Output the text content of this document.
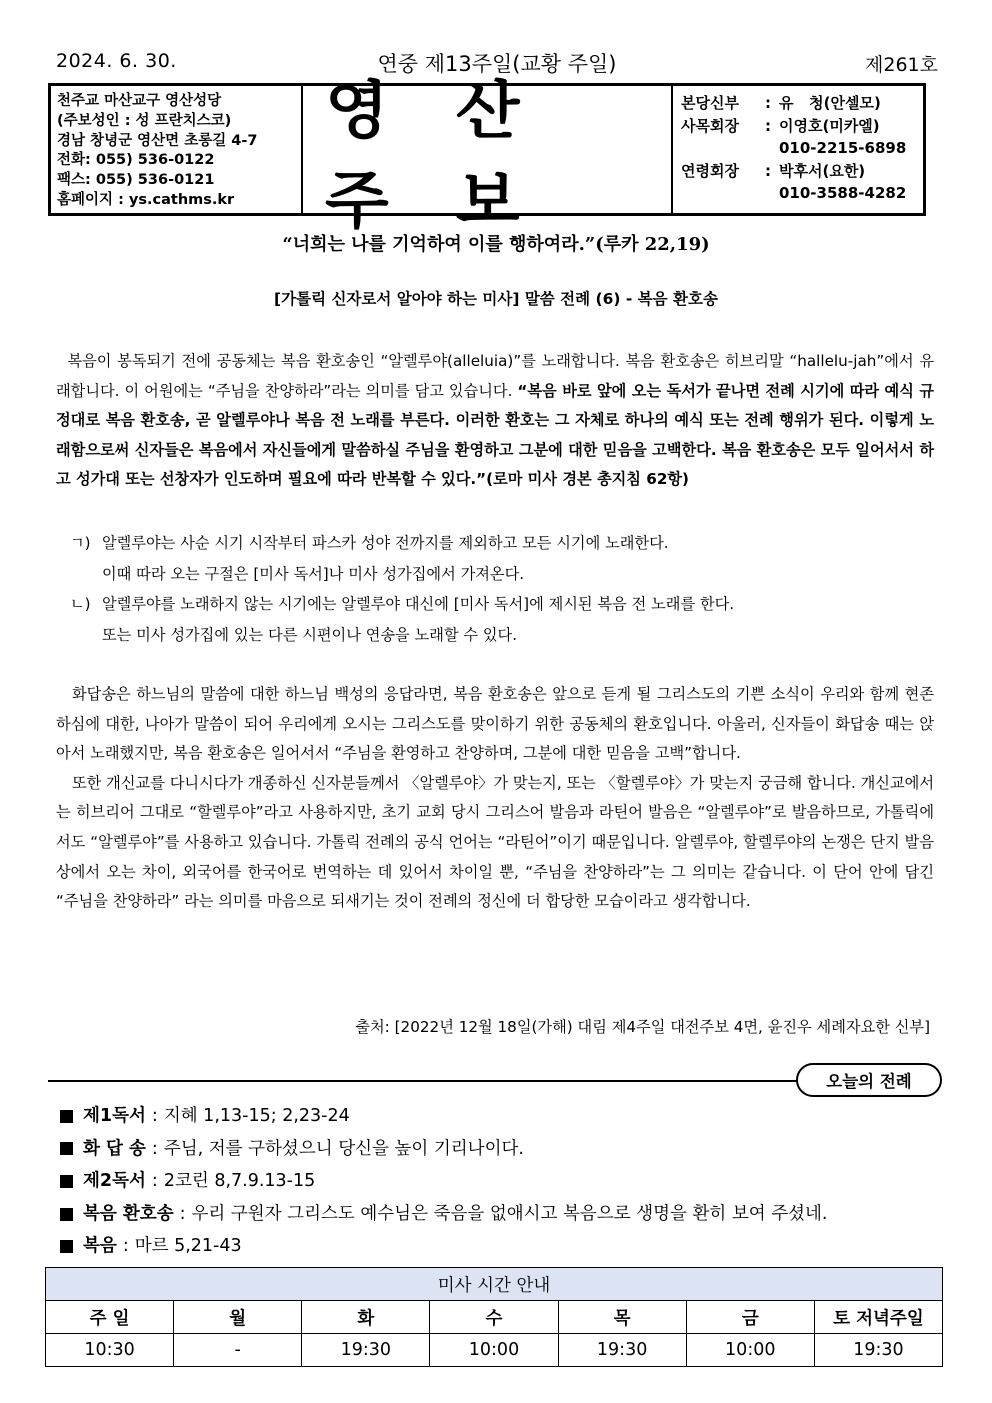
2024. 6. 30.	연중 제13주일(교황 주일)	제261호
천주교 마산교구 영산성당
(주보성인 : 성 프란치스코)
경남 창녕군 영산면 초롱길 4-7
전화: 055) 536-0122
팩스: 055) 536-0121
홈페이지 : ys.cathms.kr
영 산 주 보
본당신부	: 유   청(안셀모)
사목회장	: 이영호(미카엘)
010-2215-6898
연령회장	: 박후서(요한)
010-3588-4282
“너희는 나를 기억하여 이를 행하여라.”(루카 22,19)
[가톨릭 신자로서 알아야 하는 미사] 말씀 전례 (6) - 복음 환호송
복음이 봉독되기 전에 공동체는 복음 환호송인 “알렐루야(alleluia)”를 노래합니다. 복음 환호송은 히브리말 “hallelu-jah”에서 유래합니다. 이 어원에는 “주님을 찬양하라”라는 의미를 담고 있습니다. “복음 바로 앞에 오는 독서가 끝나면 전례 시기에 따라 예식 규정대로 복음 환호송, 곧 알렐루야나 복음 전 노래를 부른다. 이러한 환호는 그 자체로 하나의 예식 또는 전례 행위가 된다. 이렇게 노래함으로써 신자들은 복음에서 자신들에게 말씀하실 주님을 환영하고 그분에 대한 믿음을 고백한다. 복음 환호송은 모두 일어서서 하고 성가대 또는 선창자가 인도하며 필요에 따라 반복할 수 있다.”(로마 미사 경본 총지침 62항)
ㄱ) 알렐루야는 사순 시기 시작부터 파스카 성야 전까지를 제외하고 모든 시기에 노래한다.
이때 따라 오는 구절은 [미사 독서]나 미사 성가집에서 가져온다.
ㄴ) 알렐루야를 노래하지 않는 시기에는 알렐루야 대신에 [미사 독서]에 제시된 복음 전 노래를 한다.
또는 미사 성가집에 있는 다른 시편이나 연송을 노래할 수 있다.

화답송은 하느님의 말씀에 대한 하느님 백성의 응답라면, 복음 환호송은 앞으로 듣게 될 그리스도의 기쁜 소식이 우리와 함께 현존하심에 대한, 나아가 말씀이 되어 우리에게 오시는 그리스도를 맞이하기 위한 공동체의 환호입니다. 아울러, 신자들이 화답송 때는 앉아서 노래했지만, 복음 환호송은 일어서서 “주님을 환영하고 찬양하며, 그분에 대한 믿음을 고백”합니다.

또한 개신교를 다니시다가 개종하신 신자분들께서 〈알렐루야〉가 맞는지, 또는 〈할렐루야〉가 맞는지 궁금해 합니다. 개신교에서는 히브리어 그대로 “할렐루야”라고 사용하지만, 초기 교회 당시 그리스어 발음과 라틴어 발음은 “알렐루야”로 발음하므로, 가톨릭에서도 “알렐루야”를 사용하고 있습니다. 가톨릭 전례의 공식 언어는 “라틴어”이기 때문입니다. 알렐루야, 할렐루야의 논쟁은 단지 발음상에서 오는 차이, 외국어를 한국어로 번역하는 데 있어서 차이일 뿐, “주님을 찬양하라”는 그 의미는 같습니다. 이 단어 안에 담긴 “주님을 찬양하라” 라는 의미를 마음으로 되새기는 것이 전례의 정신에 더 합당한 모습이라고 생각합니다.

출처: [2022년 12월 18일(가해) 대림 제4주일 대전주보 4면, 윤진우 세례자요한 신부]
오늘의 전례
제1독서 : 지혜 1,13-15; 2,23-24
화 답 송 : 주님, 저를 구하셨으니 당신을 높이 기리나이다.
제2독서 : 2코린 8,7.9.13-15
복음 환호송 : 우리 구원자 그리스도 예수님은 죽음을 없애시고 복음으로 생명을 환히 보여 주셨네.
복음 : 마르 5,21-43
미사 시간 안내						
주 일	월	화	수	목	금	토 저녁주일
10:30	-	19:30	10:00	19:30	10:00	19:30
